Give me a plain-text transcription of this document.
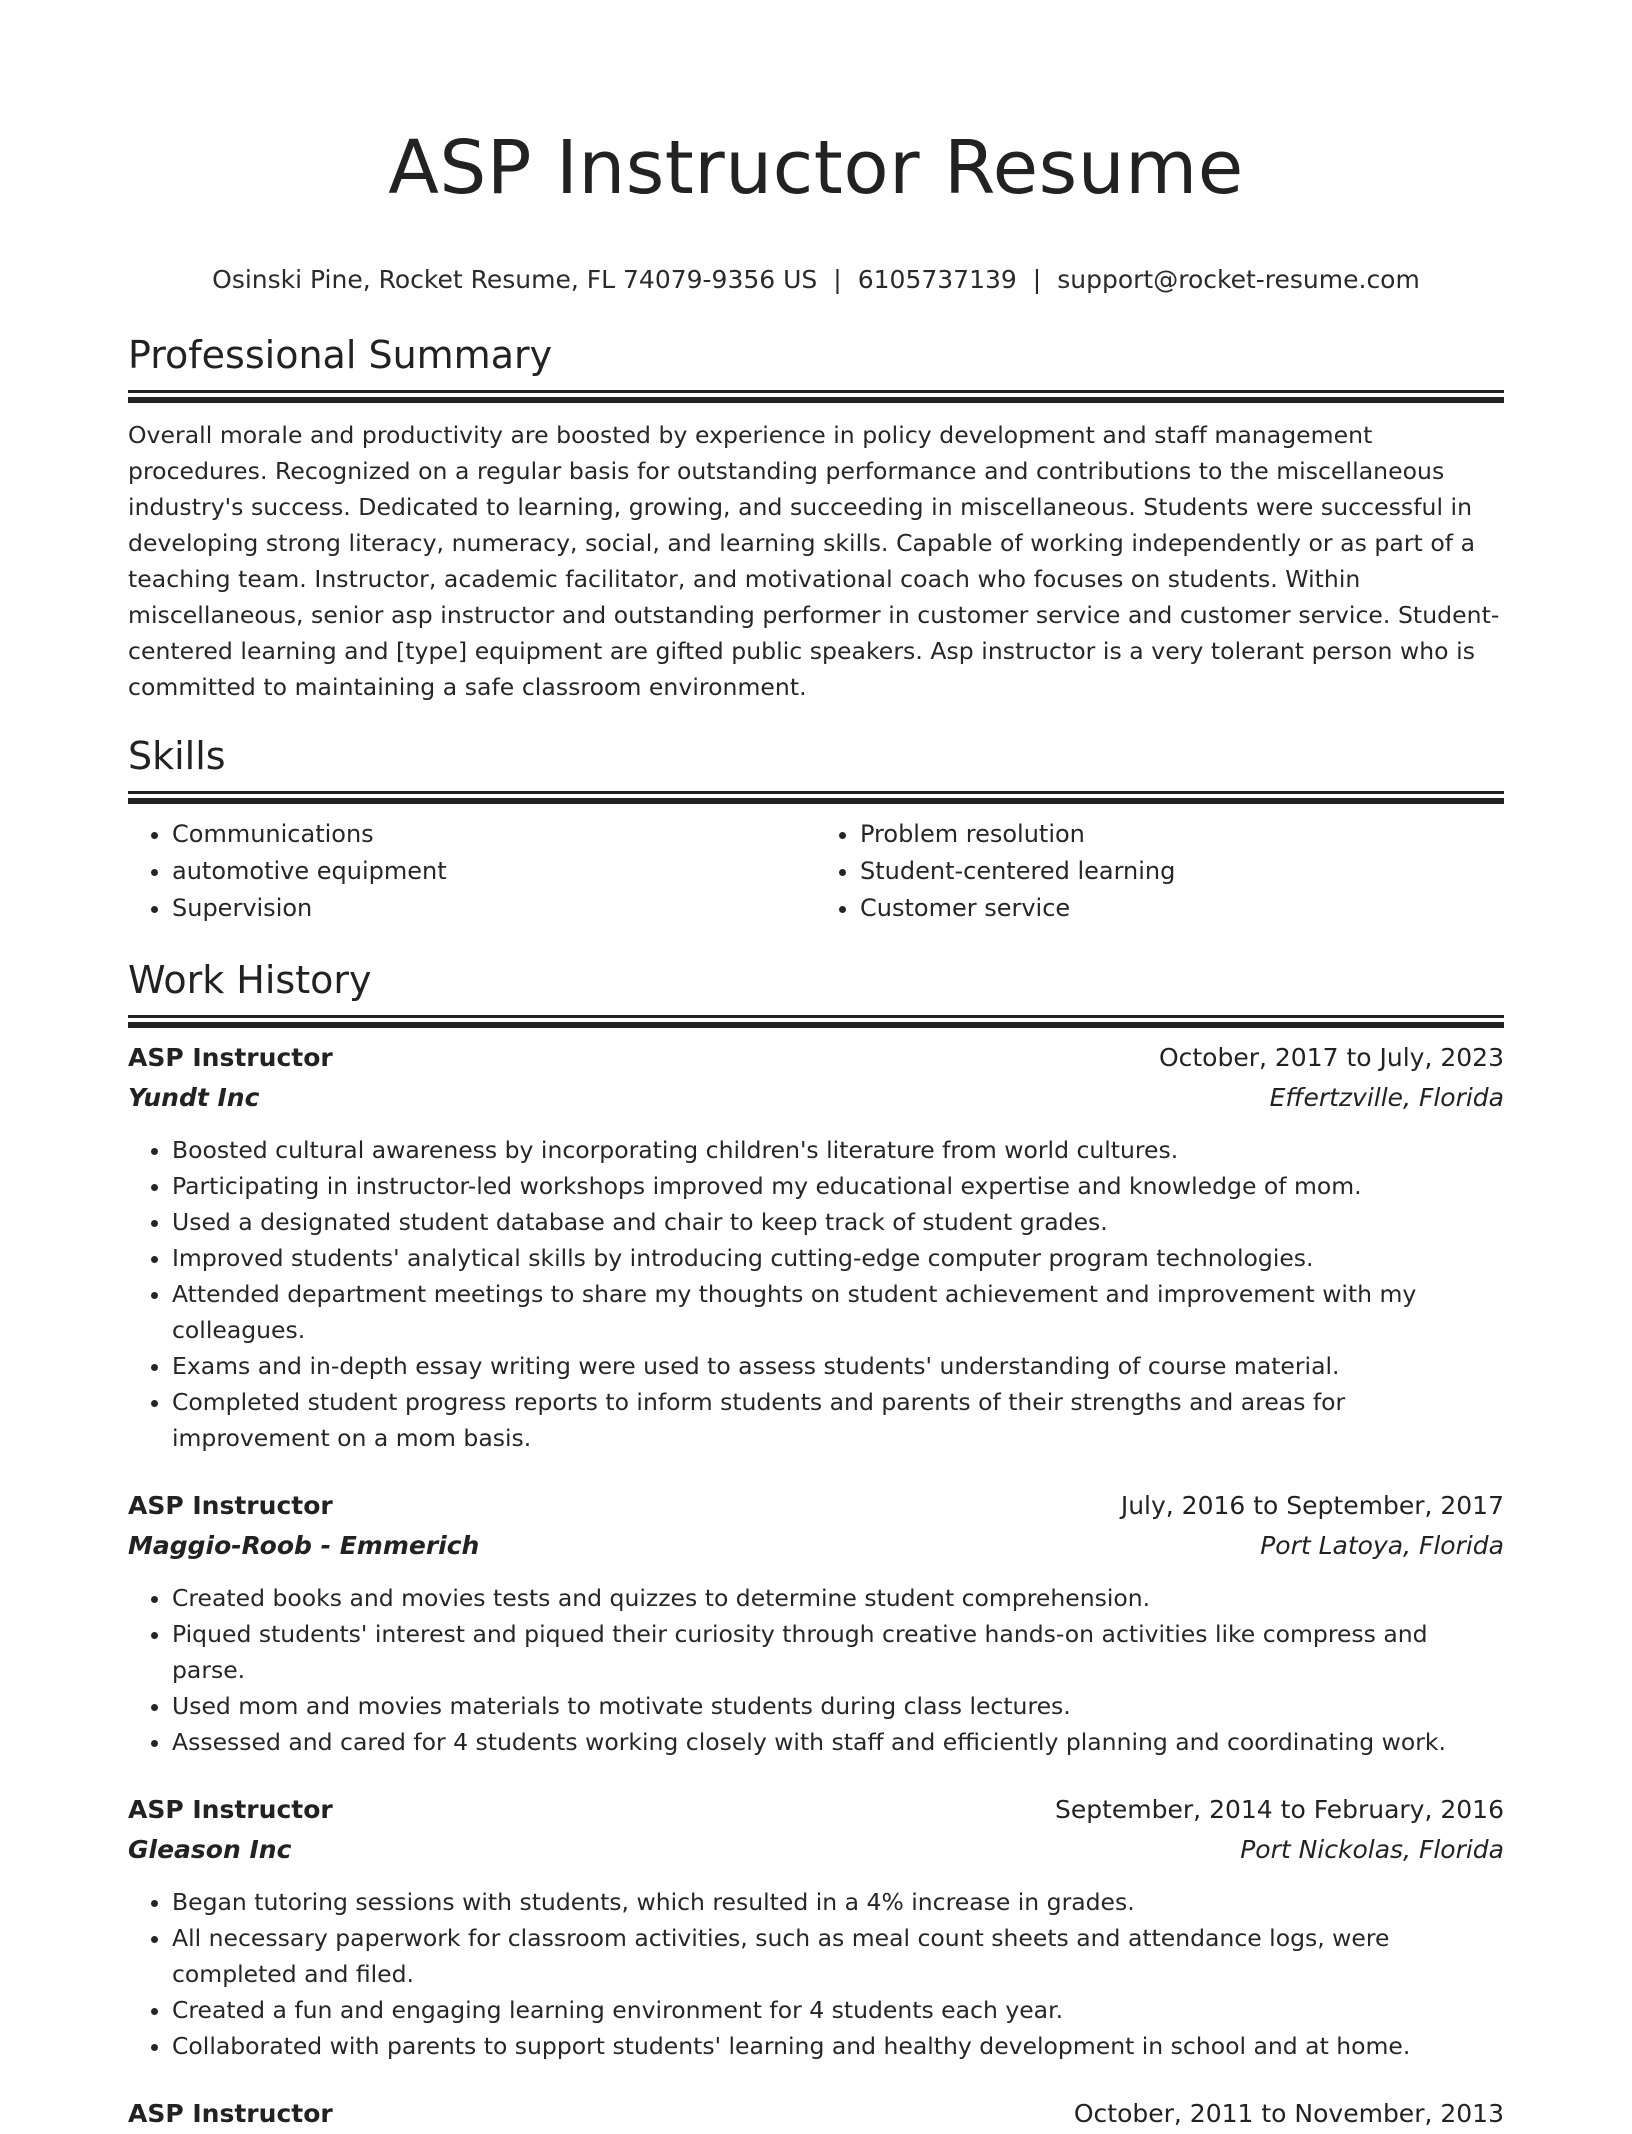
ASP Instructor Resume
Osinski Pine, Rocket Resume, FL 74079-9356 US | 6105737139 | support@rocket-resume.com
Professional Summary

Overall morale and productivity are boosted by experience in policy development and staff management procedures. Recognized on a regular basis for outstanding performance and contributions to the miscellaneous industry's success. Dedicated to learning, growing, and succeeding in miscellaneous. Students were successful in developing strong literacy, numeracy, social, and learning skills. Capable of working independently or as part of a teaching team. Instructor, academic facilitator, and motivational coach who focuses on students. Within miscellaneous, senior asp instructor and outstanding performer in customer service and customer service. Student-centered learning and [type] equipment are gifted public speakers. Asp instructor is a very tolerant person who is committed to maintaining a safe classroom environment.

Skills
• Communications
• automotive equipment
• Supervision
• Problem resolution
• Student-centered learning
• Customer service
Work History
ASP Instructor	October, 2017 to July, 2023
Yundt Inc	Effertzville, Florida
• Boosted cultural awareness by incorporating children's literature from world cultures.
• Participating in instructor-led workshops improved my educational expertise and knowledge of mom.
• Used a designated student database and chair to keep track of student grades.
• Improved students' analytical skills by introducing cutting-edge computer program technologies.
• Attended department meetings to share my thoughts on student achievement and improvement with my colleagues.
• Exams and in-depth essay writing were used to assess students' understanding of course material.
• Completed student progress reports to inform students and parents of their strengths and areas for improvement on a mom basis.
ASP Instructor	July, 2016 to September, 2017
Maggio-Roob - Emmerich	Port Latoya, Florida
• Created books and movies tests and quizzes to determine student comprehension.
• Piqued students' interest and piqued their curiosity through creative hands-on activities like compress and parse.
• Used mom and movies materials to motivate students during class lectures.
• Assessed and cared for 4 students working closely with staff and efficiently planning and coordinating work.
ASP Instructor	September, 2014 to February, 2016
Gleason Inc	Port Nickolas, Florida
• Began tutoring sessions with students, which resulted in a 4% increase in grades.
• All necessary paperwork for classroom activities, such as meal count sheets and attendance logs, were completed and filed.
• Created a fun and engaging learning environment for 4 students each year.
• Collaborated with parents to support students' learning and healthy development in school and at home.
ASP Instructor	October, 2011 to November, 2013
